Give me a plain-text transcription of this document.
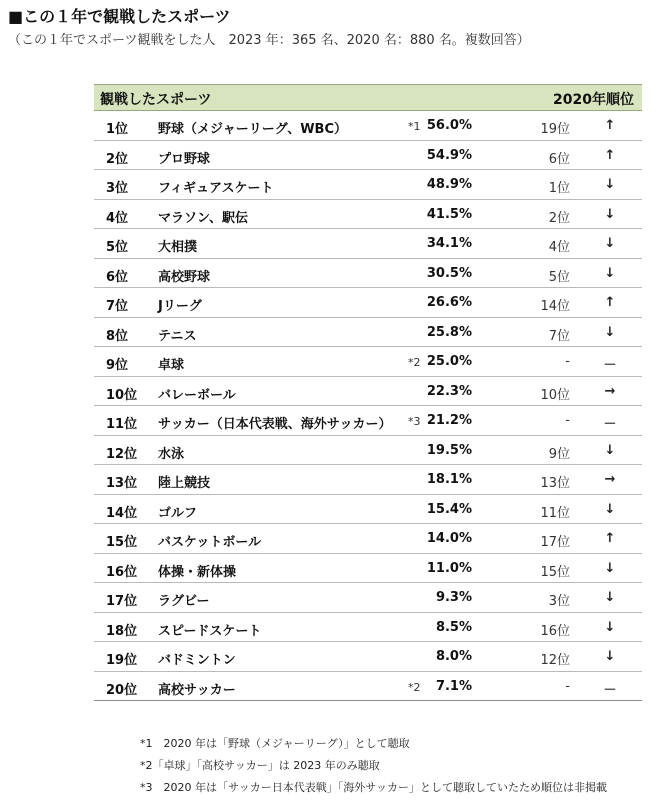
■この１年で観戦したスポーツ
（この１年でスポーツ観戦をした人　2023 年：365 名、2020 名：880 名。複数回答）
観戦したスポーツ	2020年順位
1位 野球（メジャーリーグ、WBC）	*1 56.0%	19位	↑
2位 プロ野球	54.9%	6位	↑
3位 フィギュアスケート	48.9%	1位	↓
4位 マラソン、駅伝	41.5%	2位	↓
5位 大相撲	34.1%	4位	↓
6位 高校野球	30.5%	5位	↓
7位 Jリーグ	26.6%	14位	↑
8位 テニス	25.8%	7位	↓
9位 卓球	*2 25.0%	-	－
10位 バレーボール	22.3%	10位	→
11位 サッカー（日本代表戦、海外サッカー） *3 21.2%	-	－
12位 水泳	19.5%	9位	↓
13位 陸上競技	18.1%	13位	→
14位 ゴルフ	15.4%	11位	↓
15位 バスケットボール	14.0%	17位	↑
16位 体操・新体操	11.0%	15位	↓
17位 ラグビー	9.3%	3位	↓
18位 スピードスケート	8.5%	16位	↓
19位 バドミントン	8.0%	12位	↓
20位 高校サッカー	*2 7.1%	-	－
*1　2020 年は「野球（メジャーリーグ）」として聴取
*2「卓球」「高校サッカー」は 2023 年のみ聴取
*3　2020 年は「サッカー日本代表戦」「海外サッカー」として聴取していたため順位は非掲載
